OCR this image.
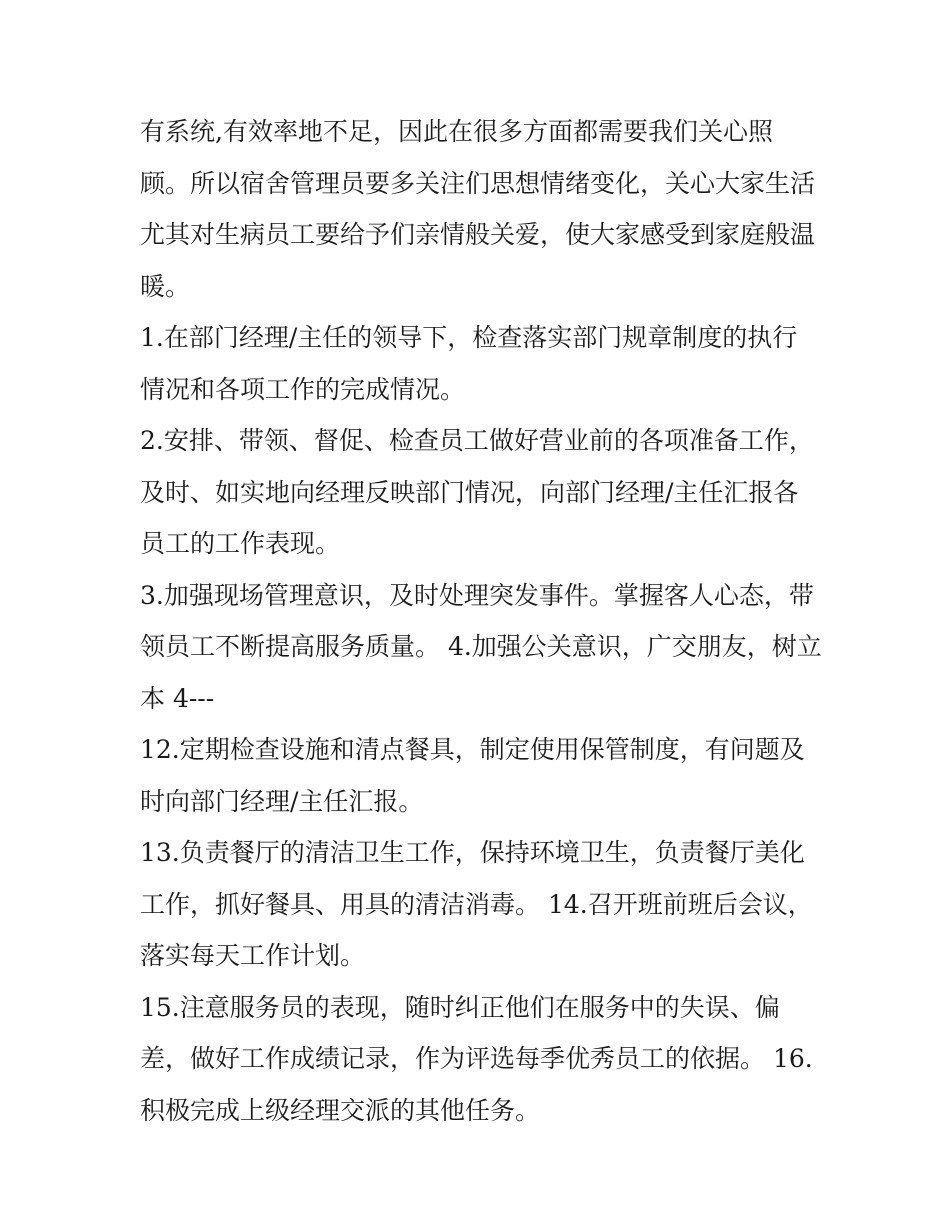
有系统,有效率地不足，因此在很多方面都需要我们关心照
顾。所以宿舍管理员要多关注们思想情绪变化，关心大家生活
尤其对生病员工要给予们亲情般关爱，使大家感受到家庭般温
暖。
1.在部门经理/主任的领导下，检查落实部门规章制度的执行
情况和各项工作的完成情况。
2.安排、带领、督促、检查员工做好营业前的各项准备工作，
及时、如实地向经理反映部门情况，向部门经理/主任汇报各
员工的工作表现。
3.加强现场管理意识，及时处理突发事件。掌握客人心态，带
领员工不断提高服务质量。 4.加强公关意识，广交朋友，树立
本 4---
12.定期检查设施和清点餐具，制定使用保管制度，有问题及
时向部门经理/主任汇报。
13.负责餐厅的清洁卫生工作，保持环境卫生，负责餐厅美化
工作，抓好餐具、用具的清洁消毒。 14.召开班前班后会议，
落实每天工作计划。
15.注意服务员的表现，随时纠正他们在服务中的失误、偏
差，做好工作成绩记录，作为评选每季优秀员工的依据。 16.
积极完成上级经理交派的其他任务。
